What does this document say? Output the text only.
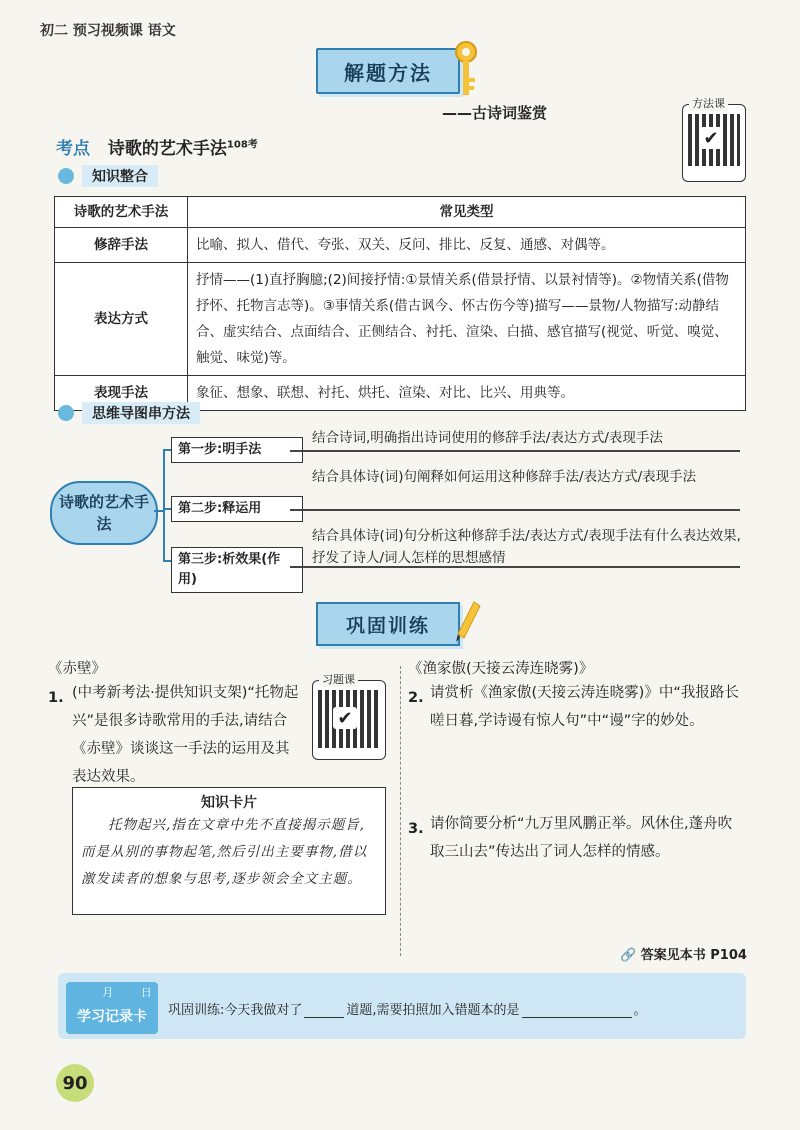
初二 预习视频课 语文
解题方法
——古诗词鉴赏
方法课
✔
考点 诗歌的艺术手法$^{108考}$
知识整合
诗歌的艺术手法	常见类型
修辞手法	比喻、拟人、借代、夸张、双关、反问、排比、反复、通感、对偶等。
表达方式	抒情——(1)直抒胸臆;(2)间接抒情:①景情关系(借景抒情、以景衬情等)。②物情关系(借物抒怀、托物言志等)。③事情关系(借古讽今、怀古伤今等)描写——景物/人物描写:动静结合、虚实结合、点面结合、正侧结合、衬托、渲染、白描、感官描写(视觉、听觉、嗅觉、触觉、味觉)等。
表现手法	象征、想象、联想、衬托、烘托、渲染、对比、比兴、用典等。
思维导图串方法
诗歌的艺术手法
第一步:明手法
结合诗词,明确指出诗词使用的修辞手法/表达方式/表现手法
第二步:释运用
结合具体诗(词)句阐释如何运用这种修辞手法/表达方式/表现手法
第三步:析效果(作用)
结合具体诗(词)句分析这种修辞手法/表达方式/表现手法有什么表达效果,抒发了诗人/词人怎样的思想感情
巩固训练
《赤壁》
1. (中考新考法·提供知识支架)“托物起兴”是很多诗歌常用的手法,请结合《赤壁》谈谈这一手法的运用及其表达效果。
习题课
✔
知识卡片
托物起兴,指在文章中先不直接揭示题旨,而是从别的事物起笔,然后引出主要事物,借以激发读者的想象与思考,逐步领会全文主题。
《渔家傲(天接云涛连晓雾)》
2. 请赏析《渔家傲(天接云涛连晓雾)》中“我报路长嗟日暮,学诗谩有惊人句”中“谩”字的妙处。
3. 请你简要分析“九万里风鹏正举。风休住,蓬舟吹取三山去”传达出了词人怎样的情感。
🔗 答案见本书 P104
月	日
学习记录卡	巩固训练:今天我做对了	道题,需要拍照加入错题本的是	。
90
